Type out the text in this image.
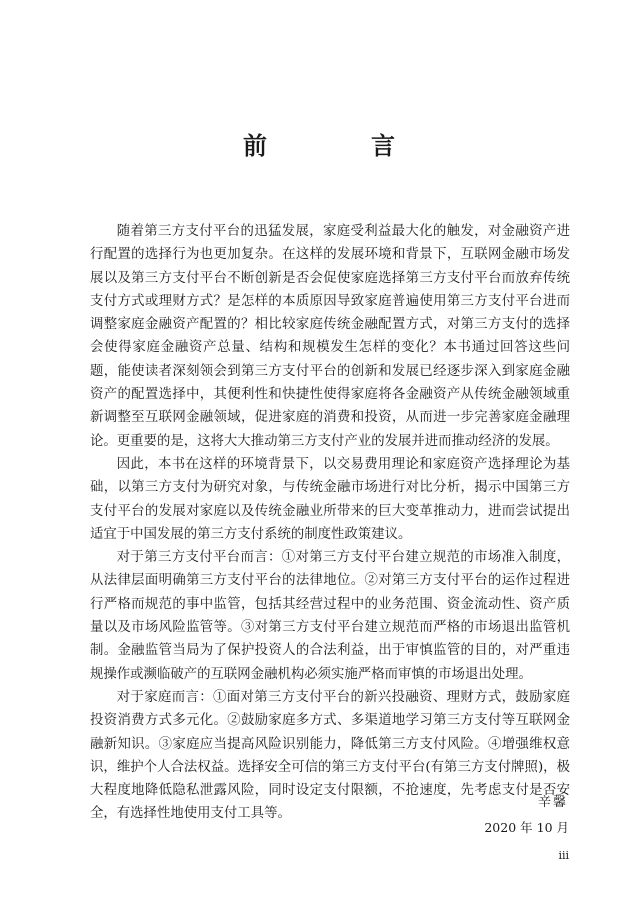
前　言

随着第三方支付平台的迅猛发展，家庭受利益最大化的触发，对金融资产进行配置的选择行为也更加复杂。在这样的发展环境和背景下，互联网金融市场发展以及第三方支付平台不断创新是否会促使家庭选择第三方支付平台而放弃传统支付方式或理财方式？是怎样的本质原因导致家庭普遍使用第三方支付平台进而调整家庭金融资产配置的？相比较家庭传统金融配置方式，对第三方支付的选择会使得家庭金融资产总量、结构和规模发生怎样的变化？本书通过回答这些问题，能使读者深刻领会到第三方支付平台的创新和发展已经逐步深入到家庭金融资产的配置选择中，其便利性和快捷性使得家庭将各金融资产从传统金融领域重新调整至互联网金融领域，促进家庭的消费和投资，从而进一步完善家庭金融理论。更重要的是，这将大大推动第三方支付产业的发展并进而推动经济的发展。

因此，本书在这样的环境背景下，以交易费用理论和家庭资产选择理论为基础，以第三方支付为研究对象，与传统金融市场进行对比分析，揭示中国第三方支付平台的发展对家庭以及传统金融业所带来的巨大变革推动力，进而尝试提出适宜于中国发展的第三方支付系统的制度性政策建议。

对于第三方支付平台而言：①对第三方支付平台建立规范的市场准入制度，从法律层面明确第三方支付平台的法律地位。②对第三方支付平台的运作过程进行严格而规范的事中监管，包括其经营过程中的业务范围、资金流动性、资产质量以及市场风险监管等。③对第三方支付平台建立规范而严格的市场退出监管机制。金融监管当局为了保护投资人的合法利益，出于审慎监管的目的，对严重违规操作或濒临破产的互联网金融机构必须实施严格而审慎的市场退出处理。

对于家庭而言：①面对第三方支付平台的新兴投融资、理财方式，鼓励家庭投资消费方式多元化。②鼓励家庭多方式、多渠道地学习第三方支付等互联网金融新知识。③家庭应当提高风险识别能力，降低第三方支付风险。④增强维权意识，维护个人合法权益。选择安全可信的第三方支付平台(有第三方支付牌照)，极大程度地降低隐私泄露风险，同时设定支付限额，不抢速度，先考虑支付是否安全，有选择性地使用支付工具等。

辛馨
2020 年 10 月
iii
